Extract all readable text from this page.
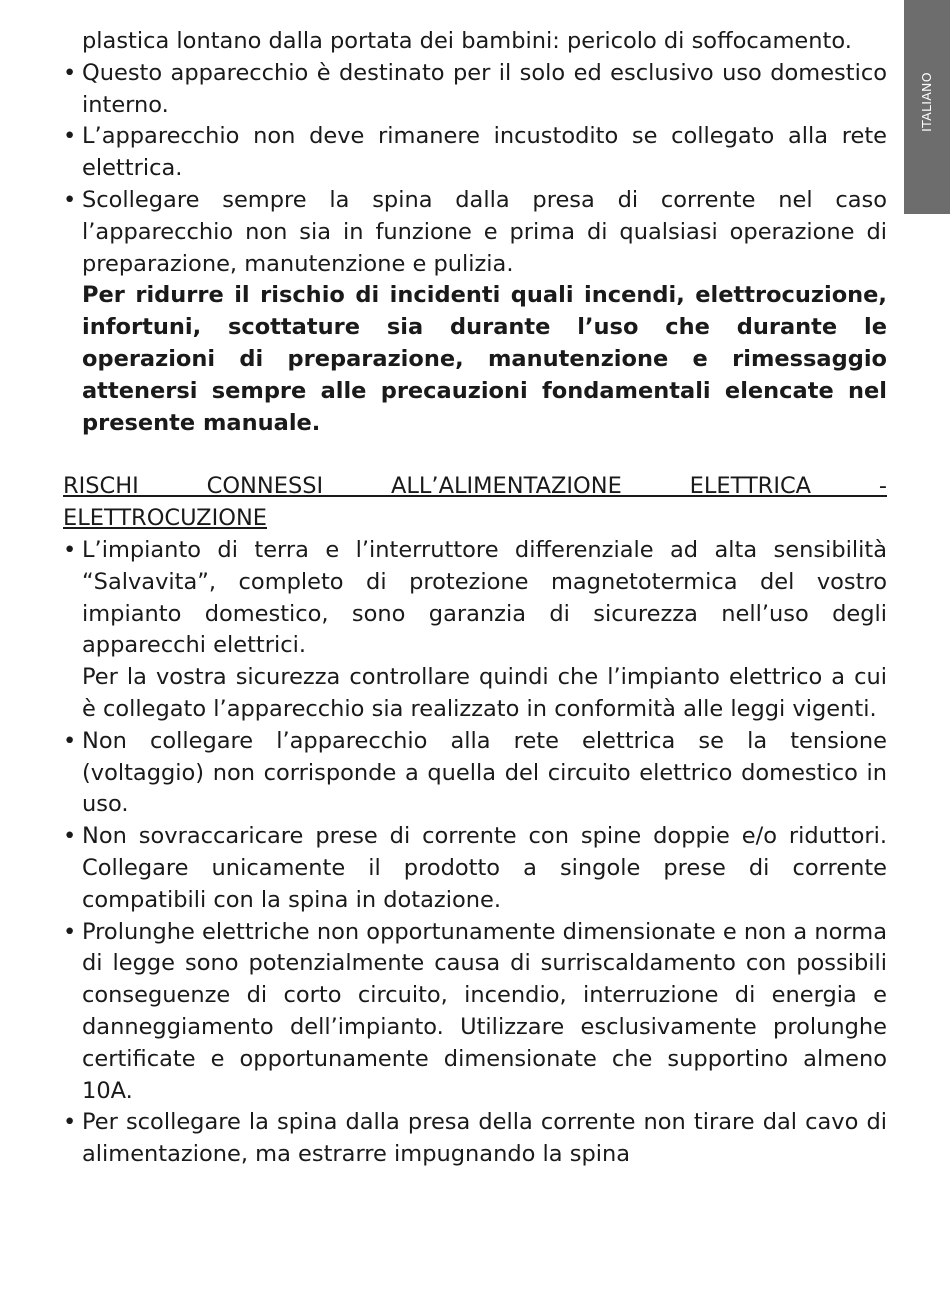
ITALIANO

plastica lontano dalla portata dei bambini: pericolo di soffocamento.

• Questo apparecchio è destinato per il solo ed esclusivo uso domestico interno.

• L’apparecchio non deve rimanere incustodito se collegato alla rete elettrica.

• Scollegare sempre la spina dalla presa di corrente nel caso l’apparecchio non sia in funzione e prima di qualsiasi operazione di preparazione, manutenzione e pulizia.

Per ridurre il rischio di incidenti quali incendi, elettrocuzione, infortuni, scottature sia durante l’uso che durante le operazioni di preparazione, manutenzione e rimessaggio attenersi sempre alle precauzioni fondamentali elencate nel presente manuale.

RISCHI CONNESSI ALL’ALIMENTAZIONE ELETTRICA -
ELETTROCUZIONE

• L’impianto di terra e l’interruttore differenziale ad alta sensibilità “Salvavita”, completo di protezione magnetotermica del vostro impianto domestico, sono garanzia di sicurezza nell’uso degli apparecchi elettrici.

Per la vostra sicurezza controllare quindi che l’impianto elettrico a cui è collegato l’apparecchio sia realizzato in conformità alle leggi vigenti.

• Non collegare l’apparecchio alla rete elettrica se la tensione (voltaggio) non corrisponde a quella del circuito elettrico domestico in uso.

• Non sovraccaricare prese di corrente con spine doppie e/o riduttori. Collegare unicamente il prodotto a singole prese di corrente compatibili con la spina in dotazione.

• Prolunghe elettriche non opportunamente dimensionate e non a norma di legge sono potenzialmente causa di surriscaldamento con possibili conseguenze di corto circuito, incendio, interruzione di energia e danneggiamento dell’impianto. Utilizzare esclusivamente prolunghe certificate e opportunamente dimensionate che supportino almeno 10A.

• Per scollegare la spina dalla presa della corrente non tirare dal cavo di alimentazione, ma estrarre impugnando la spina
